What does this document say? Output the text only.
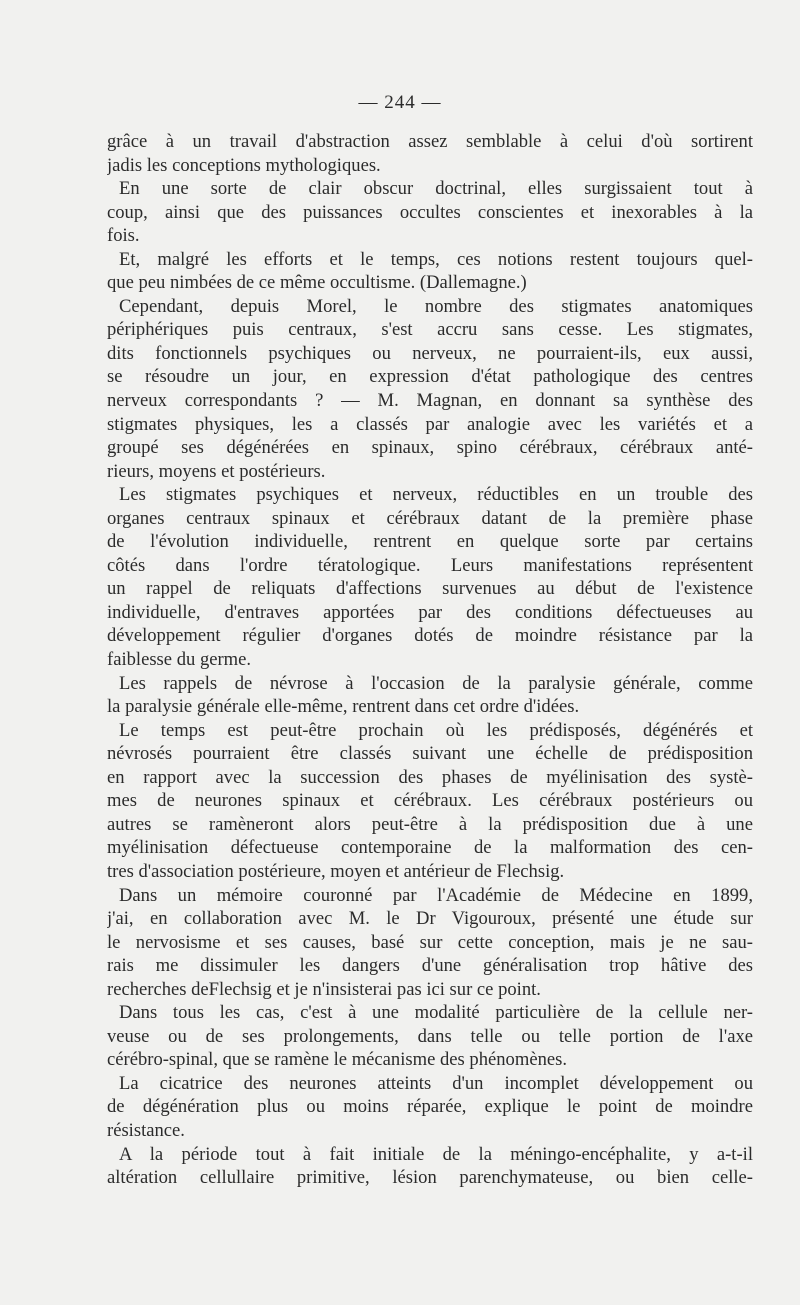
— 244 —
grâce à un travail d'abstraction assez semblable à celui d'où sortirent
jadis les conceptions mythologiques.
En une sorte de clair obscur doctrinal, elles surgissaient tout à
coup, ainsi que des puissances occultes conscientes et inexorables à la
fois.
Et, malgré les efforts et le temps, ces notions restent toujours quel-
que peu nimbées de ce même occultisme. (Dallemagne.)
Cependant, depuis Morel, le nombre des stigmates anatomiques
périphériques puis centraux, s'est accru sans cesse. Les stigmates,
dits fonctionnels psychiques ou nerveux, ne pourraient-ils, eux aussi,
se résoudre un jour, en expression d'état pathologique des centres
nerveux correspondants ? — M. Magnan, en donnant sa synthèse des
stigmates physiques, les a classés par analogie avec les variétés et a
groupé ses dégénérées en spinaux, spino cérébraux, cérébraux anté-
rieurs, moyens et postérieurs.
Les stigmates psychiques et nerveux, réductibles en un trouble des
organes centraux spinaux et cérébraux datant de la première phase
de l'évolution individuelle, rentrent en quelque sorte par certains
côtés dans l'ordre tératologique. Leurs manifestations représentent
un rappel de reliquats d'affections survenues au début de l'existence
individuelle, d'entraves apportées par des conditions défectueuses au
développement régulier d'organes dotés de moindre résistance par la
faiblesse du germe.
Les rappels de névrose à l'occasion de la paralysie générale, comme
la paralysie générale elle-même, rentrent dans cet ordre d'idées.
Le temps est peut-être prochain où les prédisposés, dégénérés et
névrosés pourraient être classés suivant une échelle de prédisposition
en rapport avec la succession des phases de myélinisation des systè-
mes de neurones spinaux et cérébraux. Les cérébraux postérieurs ou
autres se ramèneront alors peut-être à la prédisposition due à une
myélinisation défectueuse contemporaine de la malformation des cen-
tres d'association postérieure, moyen et antérieur de Flechsig.
Dans un mémoire couronné par l'Académie de Médecine en 1899,
j'ai, en collaboration avec M. le Dr Vigouroux, présenté une étude sur
le nervosisme et ses causes, basé sur cette conception, mais je ne sau-
rais me dissimuler les dangers d'une généralisation trop hâtive des
recherches deFlechsig et je n'insisterai pas ici sur ce point.
Dans tous les cas, c'est à une modalité particulière de la cellule ner-
veuse ou de ses prolongements, dans telle ou telle portion de l'axe
cérébro-spinal, que se ramène le mécanisme des phénomènes.
La cicatrice des neurones atteints d'un incomplet développement ou
de dégénération plus ou moins réparée, explique le point de moindre
résistance.
A la période tout à fait initiale de la méningo-encéphalite, y a-t-il
altération cellullaire primitive, lésion parenchymateuse, ou bien celle-
